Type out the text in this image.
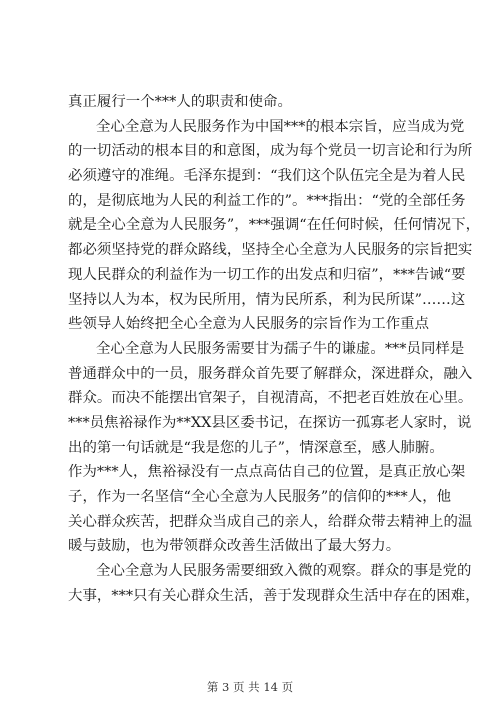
真正履行一个***人的职责和使命。
全心全意为人民服务作为中国***的根本宗旨，应当成为党
的一切活动的根本目的和意图，成为每个党员一切言论和行为所
必须遵守的准绳。毛泽东提到：“我们这个队伍完全是为着人民
的，是彻底地为人民的利益工作的”。***指出：“党的全部任务
就是全心全意为人民服务”，***强调“在任何时候，任何情况下，
都必须坚持党的群众路线，坚持全心全意为人民服务的宗旨把实
现人民群众的利益作为一切工作的出发点和归宿”，***告诫“要
坚持以人为本，权为民所用，情为民所系，利为民所谋”……这
些领导人始终把全心全意为人民服务的宗旨作为工作重点
全心全意为人民服务需要甘为孺子牛的谦虚。***员同样是
普通群众中的一员，服务群众首先要了解群众，深进群众，融入
群众。而决不能摆出官架子，自视清高，不把老百姓放在心里。
***员焦裕禄作为**XX县区委书记，在探访一孤寡老人家时，说
出的第一句话就是“我是您的儿子”，情深意至，感人肺腑。
作为***人，焦裕禄没有一点点高估自己的位置，是真正放心架
子，作为一名坚信“全心全意为人民服务”的信仰的***人，他
关心群众疾苦，把群众当成自己的亲人，给群众带去精神上的温
暖与鼓励，也为带领群众改善生活做出了最大努力。
全心全意为人民服务需要细致入微的观察。群众的事是党的
大事，***只有关心群众生活，善于发现群众生活中存在的困难，
第 3 页 共 14 页
